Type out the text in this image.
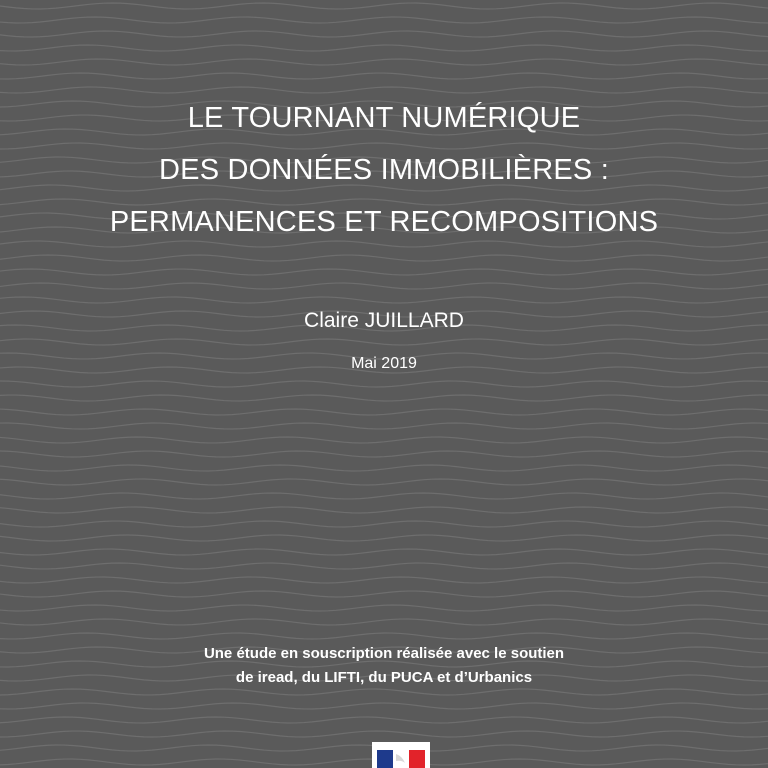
LE TOURNANT NUMÉRIQUE
DES DONNÉES IMMOBILIÈRES :
PERMANENCES ET RECOMPOSITIONS
Claire JUILLARD
Mai 2019
Une étude en souscription réalisée avec le soutien
de iread, du LIFTI, du PUCA et d’Urbanics
